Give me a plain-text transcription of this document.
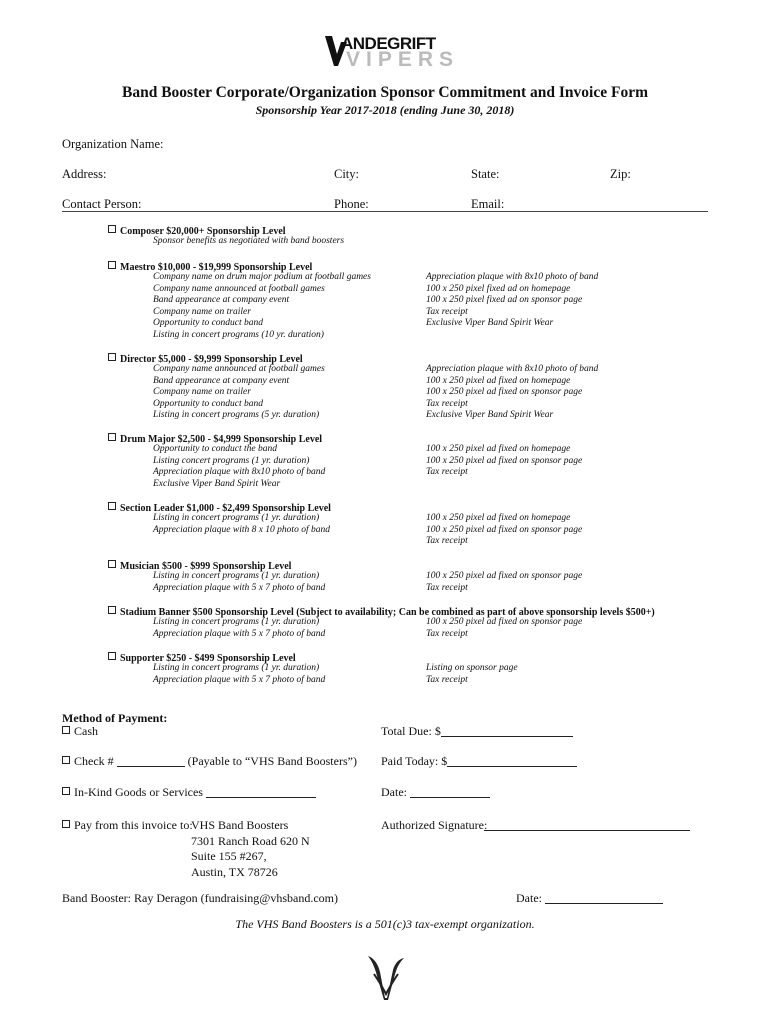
ANDEGRIFT
VIPERS
Band Booster Corporate/Organization Sponsor Commitment and Invoice Form
Sponsorship Year 2017-2018 (ending June 30, 2018)
Organization Name:
Address:	City:	State:	Zip:
Contact Person:	Phone:	Email:
Composer $20,000+ Sponsorship Level
Sponsor benefits as negotiated with band boosters
Maestro $10,000 - $19,999 Sponsorship Level
Company name on drum major podium at football games
Company name announced at football games
Band appearance at company event
Company name on trailer
Opportunity to conduct band
Listing in concert programs (10 yr. duration)
Appreciation plaque with 8x10 photo of band
100 x 250 pixel fixed ad on homepage
100 x 250 pixel fixed ad on sponsor page
Tax receipt
Exclusive Viper Band Spirit Wear
Director $5,000 - $9,999 Sponsorship Level
Company name announced at football games
Band appearance at company event
Company name on trailer
Opportunity to conduct band
Listing in concert programs (5 yr. duration)
Appreciation plaque with 8x10 photo of band
100 x 250 pixel ad fixed on homepage
100 x 250 pixel ad fixed on sponsor page
Tax receipt
Exclusive Viper Band Spirit Wear
Drum Major $2,500 - $4,999 Sponsorship Level
Opportunity to conduct the band
Listing concert programs (1 yr. duration)
Appreciation plaque with 8x10 photo of band
Exclusive Viper Band Spirit Wear
100 x 250 pixel ad fixed on homepage
100 x 250 pixel ad fixed on sponsor page
Tax receipt
Section Leader $1,000 - $2,499 Sponsorship Level
Listing in concert programs (1 yr. duration)
Appreciation plaque with 8 x 10 photo of band
100 x 250 pixel ad fixed on homepage
100 x 250 pixel ad fixed on sponsor page
Tax receipt
Musician $500 - $999 Sponsorship Level
Listing in concert programs (1 yr. duration)
Appreciation plaque with 5 x 7 photo of band
100 x 250 pixel ad fixed on sponsor page
Tax receipt
Stadium Banner $500 Sponsorship Level (Subject to availability; Can be combined as part of above sponsorship levels $500+)
Listing in concert programs (1 yr. duration)
Appreciation plaque with 5 x 7 photo of band
100 x 250 pixel ad fixed on sponsor page
Tax receipt
Supporter $250 - $499 Sponsorship Level
Listing in concert programs (1 yr. duration)
Appreciation plaque with 5 x 7 photo of band
Listing on sponsor page
Tax receipt
Method of Payment:
Cash
Check #	(Payable to “VHS Band Boosters”)
In-Kind Goods or Services
Pay from this invoice to:
VHS Band Boosters
7301 Ranch Road 620 N
Suite 155 #267,
Austin, TX 78726
Total Due: $
Paid Today: $
Date:
Authorized Signature:
Band Booster: Ray Deragon (fundraising@vhsband.com)	Date:
The VHS Band Boosters is a 501(c)3 tax-exempt organization.
